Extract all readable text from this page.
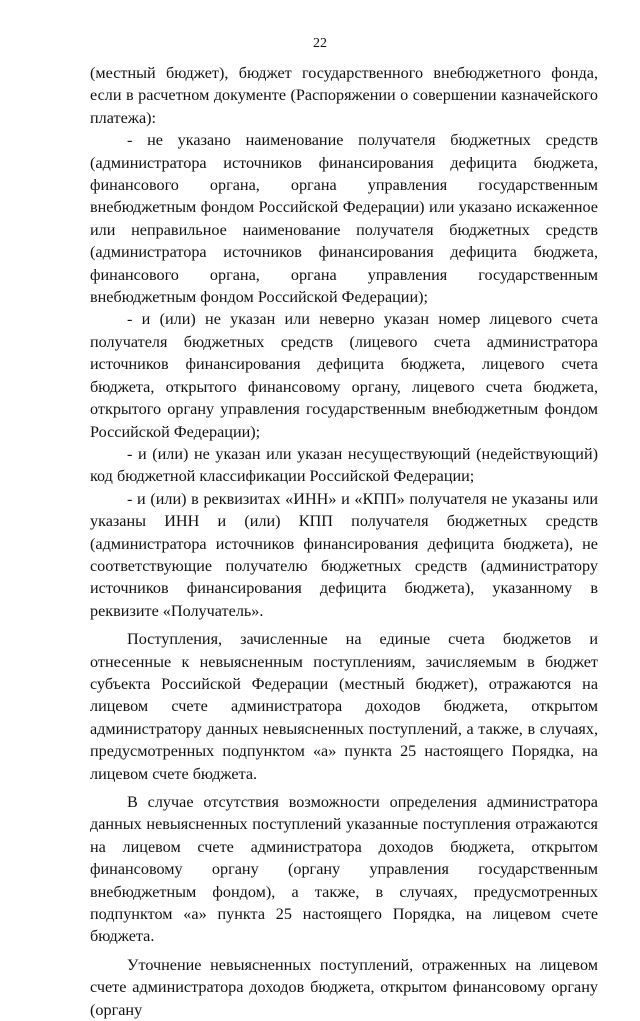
22

(местный бюджет), бюджет государственного внебюджетного фонда, если в расчетном документе (Распоряжении о совершении казначейского платежа):

- не указано наименование получателя бюджетных средств (администратора источников финансирования дефицита бюджета, финансового органа, органа управления государственным внебюджетным фондом Российской Федерации) или указано искаженное или неправильное наименование получателя бюджетных средств (администратора источников финансирования дефицита бюджета, финансового органа, органа управления государственным внебюджетным фондом Российской Федерации);

- и (или) не указан или неверно указан номер лицевого счета получателя бюджетных средств (лицевого счета администратора источников финансирования дефицита бюджета, лицевого счета бюджета, открытого финансовому органу, лицевого счета бюджета, открытого органу управления государственным внебюджетным фондом Российской Федерации);

- и (или) не указан или указан несуществующий (недействующий) код бюджетной классификации Российской Федерации;

- и (или) в реквизитах «ИНН» и «КПП» получателя не указаны или указаны ИНН и (или) КПП получателя бюджетных средств (администратора источников финансирования дефицита бюджета), не соответствующие получателю бюджетных средств (администратору источников финансирования дефицита бюджета), указанному в реквизите «Получатель».

Поступления, зачисленные на единые счета бюджетов и отнесенные к невыясненным поступлениям, зачисляемым в бюджет субъекта Российской Федерации (местный бюджет), отражаются на лицевом счете администратора доходов бюджета, открытом администратору данных невыясненных поступлений, а также, в случаях, предусмотренных подпунктом «а» пункта 25 настоящего Порядка, на лицевом счете бюджета.

В случае отсутствия возможности определения администратора данных невыясненных поступлений указанные поступления отражаются на лицевом счете администратора доходов бюджета, открытом финансовому органу (органу управления государственным внебюджетным фондом), а также, в случаях, предусмотренных подпунктом «а» пункта 25 настоящего Порядка, на лицевом счете бюджета.

Уточнение невыясненных поступлений, отраженных на лицевом счете администратора доходов бюджета, открытом финансовому органу (органу
